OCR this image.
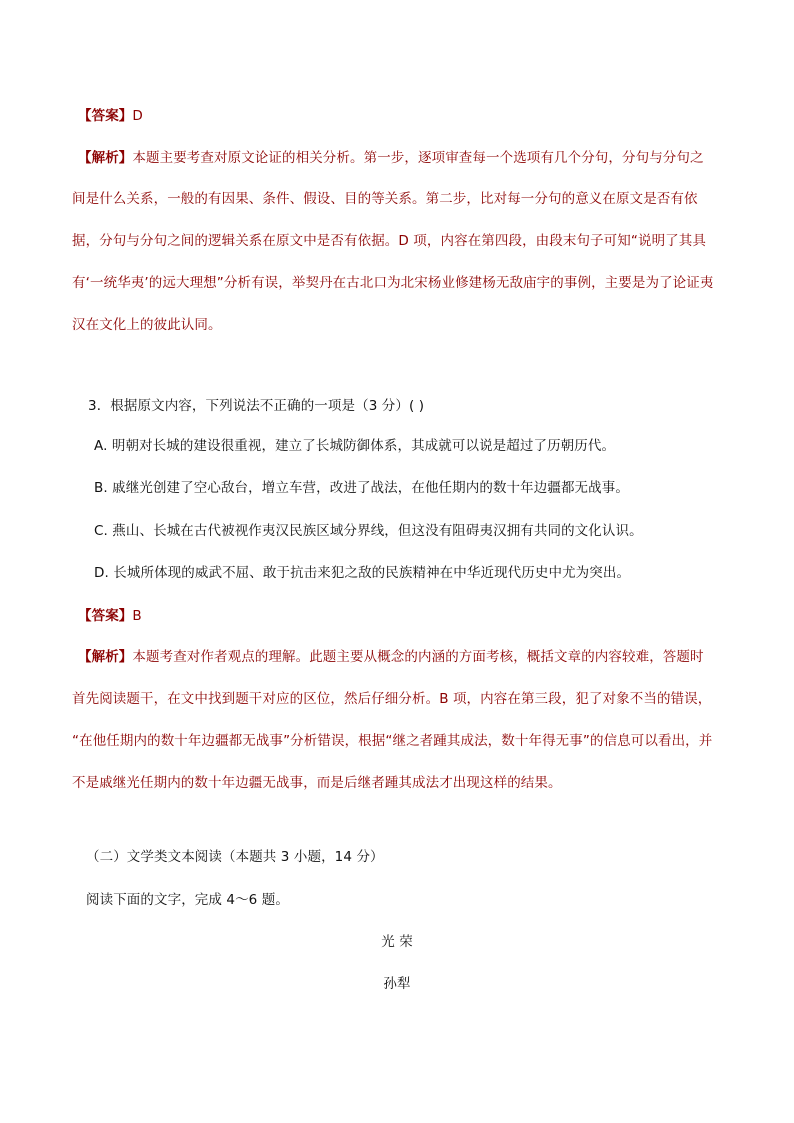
【答案】D
【解析】本题主要考查对原文论证的相关分析。第一步，逐项审查每一个选项有几个分句，分句与分句之
间是什么关系，一般的有因果、条件、假设、目的等关系。第二步，比对每一分句的意义在原文是否有依
据，分句与分句之间的逻辑关系在原文中是否有依据。D 项，内容在第四段，由段末句子可知“说明了其具
有‘一统华夷’的远大理想”分析有误，举契丹在古北口为北宋杨业修建杨无敌庙宇的事例，主要是为了论证夷
汉在文化上的彼此认同。
3．根据原文内容，下列说法不正确的一项是（3 分）( )
A. 明朝对长城的建设很重视，建立了长城防御体系，其成就可以说是超过了历朝历代。
B. 戚继光创建了空心敌台，增立车营，改进了战法，在他任期内的数十年边疆都无战事。
C. 燕山、长城在古代被视作夷汉民族区域分界线，但这没有阻碍夷汉拥有共同的文化认识。
D. 长城所体现的威武不屈、敢于抗击来犯之敌的民族精神在中华近现代历史中尤为突出。
【答案】B
【解析】本题考查对作者观点的理解。此题主要从概念的内涵的方面考核，概括文章的内容较难，答题时
首先阅读题干，在文中找到题干对应的区位，然后仔细分析。B 项，内容在第三段，犯了对象不当的错误，
“在他任期内的数十年边疆都无战事”分析错误，根据“继之者踵其成法，数十年得无事”的信息可以看出，并
不是戚继光任期内的数十年边疆无战事，而是后继者踵其成法才出现这样的结果。
（二）文学类文本阅读（本题共 3 小题，14 分）
阅读下面的文字，完成 4～6 题。
光 荣
孙犁
